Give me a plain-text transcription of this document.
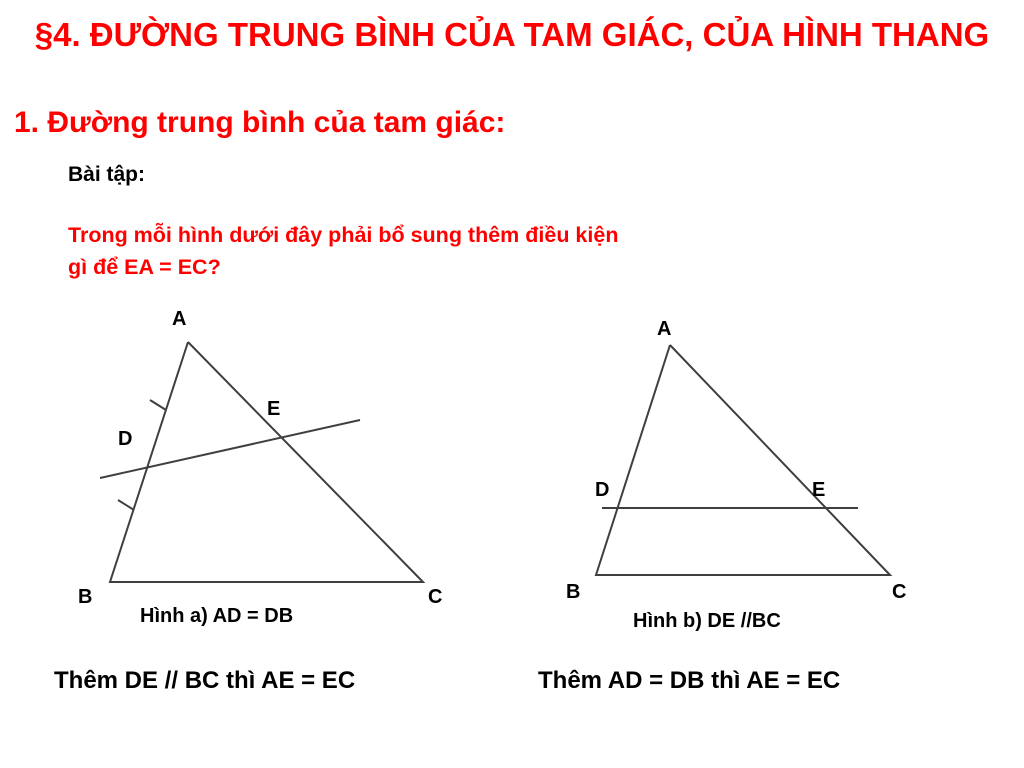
§4. ĐƯỜNG TRUNG BÌNH CỦA TAM GIÁC, CỦA HÌNH THANG
1. Đường trung bình của tam giác:
Bài tập:
Trong mỗi hình dưới đây phải bổ sung thêm điều kiện
gì để EA = EC?
A
D
E
B	C
Hình a) AD = DB
A
D	E
B	C
Hình b) DE //BC
Thêm DE // BC thì AE = EC	Thêm AD = DB thì AE = EC
